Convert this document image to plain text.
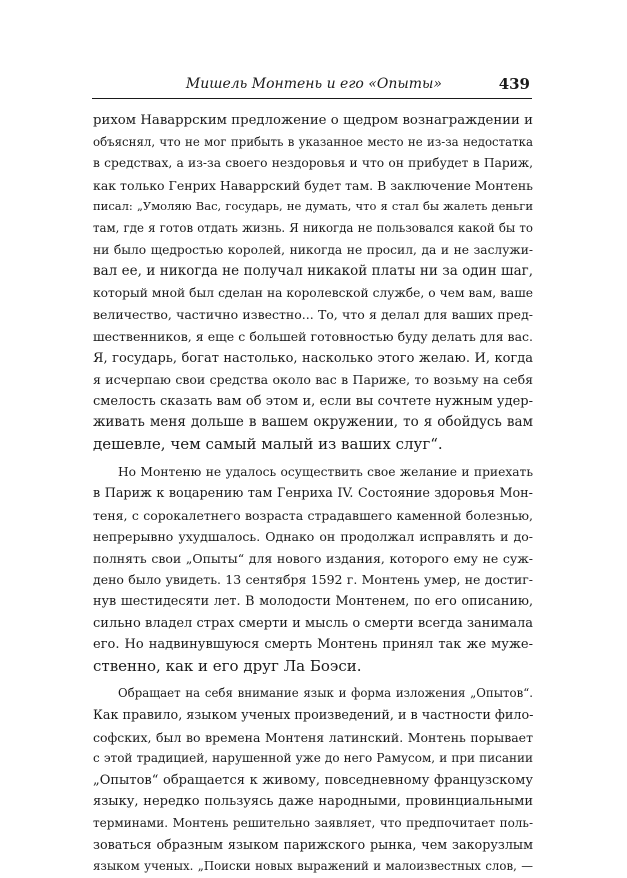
Мишель Монтень и его «Опыты»	439
рихом Наваррским предложение о щедром вознаграждении и
объяснял, что не мог прибыть в указанное место не из-за недостатка
в средствах, а из-за своего нездоровья и что он прибудет в Париж,
как только Генрих Наваррский будет там. В заключение Монтень
писал: „Умоляю Вас, государь, не думать, что я стал бы жалеть деньги
там, где я готов отдать жизнь. Я никогда не пользовался какой бы то
ни было щедростью королей, никогда не просил, да и не заслужи-
вал ее, и никогда не получал никакой платы ни за один шаг,
который мной был сделан на королевской службе, о чем вам, ваше
величество, частично известно... То, что я делал для ваших пред-
шественников, я еще с большей готовностью буду делать для вас.
Я, государь, богат настолько, насколько этого желаю. И, когда
я исчерпаю свои средства около вас в Париже, то возьму на себя
смелость сказать вам об этом и, если вы сочтете нужным удер-
живать меня дольше в вашем окружении, то я обойдусь вам
дешевле, чем самый малый из ваших слуг“.
Но Монтеню не удалось осуществить свое желание и приехать
в Париж к воцарению там Генриха IV. Состояние здоровья Мон-
теня, с сорокалетнего возраста страдавшего каменной болезнью,
непрерывно ухудшалось. Однако он продолжал исправлять и до-
полнять свои „Опыты“ для нового издания, которого ему не суж-
дено было увидеть. 13 сентября 1592 г. Монтень умер, не достиг-
нув шестидесяти лет. В молодости Монтенем, по его описанию,
сильно владел страх смерти и мысль о смерти всегда занимала
его. Но надвинувшуюся смерть Монтень принял так же муже-
ственно, как и его друг Ла Боэси.
Обращает на себя внимание язык и форма изложения „Опытов“.
Как правило, языком ученых произведений, и в частности фило-
софских, был во времена Монтеня латинский. Монтень порывает
с этой традицией, нарушенной уже до него Рамусом, и при писании
„Опытов“ обращается к живому, повседневному французскому
языку, нередко пользуясь даже народными, провинциальными
терминами. Монтень решительно заявляет, что предпочитает поль-
зоваться образным языком парижского рынка, чем закорузлым
языком ученых. „Поиски новых выражений и малоизвестных слов, —
